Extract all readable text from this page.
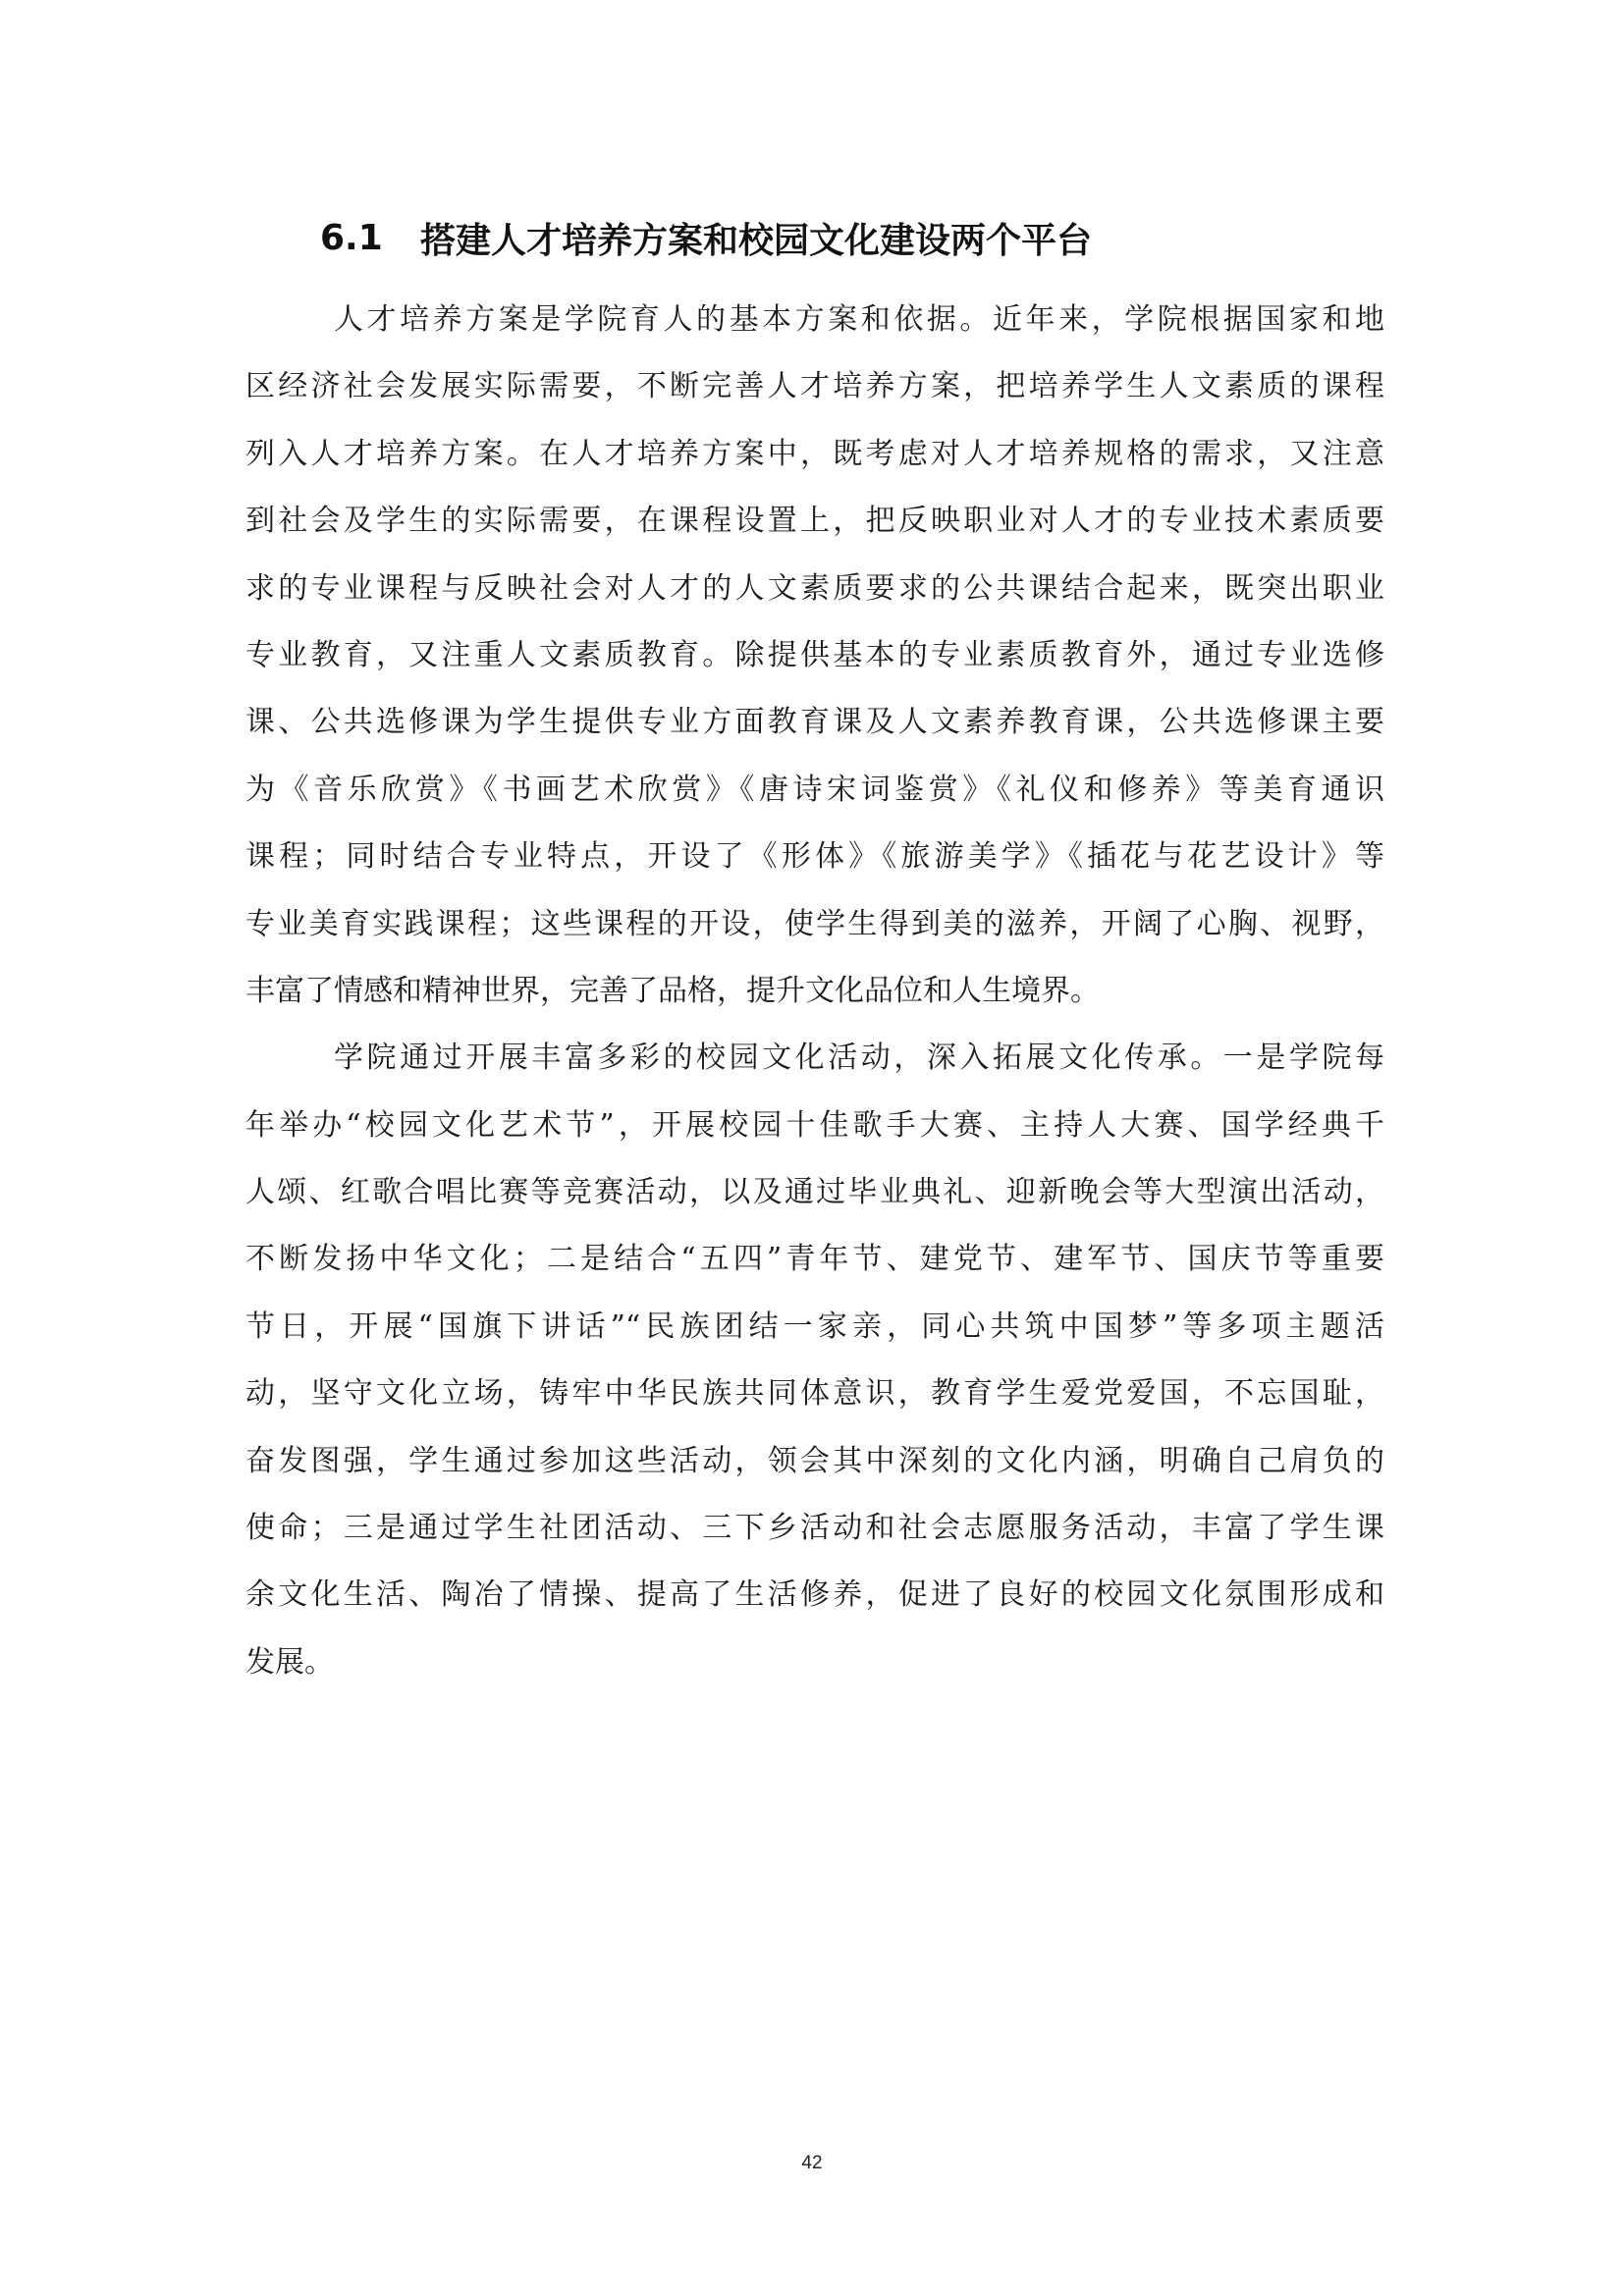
6.1	搭建人才培养方案和校园文化建设两个平台
人才培养方案是学院育人的基本方案和依据。近年来，学院根据国家和地
区经济社会发展实际需要，不断完善人才培养方案，把培养学生人文素质的课程
列入人才培养方案。在人才培养方案中，既考虑对人才培养规格的需求，又注意
到社会及学生的实际需要，在课程设置上，把反映职业对人才的专业技术素质要
求的专业课程与反映社会对人才的人文素质要求的公共课结合起来，既突出职业
专业教育，又注重人文素质教育。除提供基本的专业素质教育外，通过专业选修
课、公共选修课为学生提供专业方面教育课及人文素养教育课，公共选修课主要
为《音乐欣赏》《书画艺术欣赏》《唐诗宋词鉴赏》《礼仪和修养》等美育通识
课程；同时结合专业特点，开设了《形体》《旅游美学》《插花与花艺设计》等
专业美育实践课程；这些课程的开设，使学生得到美的滋养，开阔了心胸、视野，
丰富了情感和精神世界，完善了品格，提升文化品位和人生境界。
学院通过开展丰富多彩的校园文化活动，深入拓展文化传承。一是学院每
年举办“校园文化艺术节”，开展校园十佳歌手大赛、主持人大赛、国学经典千
人颂、红歌合唱比赛等竞赛活动，以及通过毕业典礼、迎新晚会等大型演出活动，
不断发扬中华文化；二是结合“五四”青年节、建党节、建军节、国庆节等重要
节日，开展“国旗下讲话”“民族团结一家亲，同心共筑中国梦”等多项主题活
动，坚守文化立场，铸牢中华民族共同体意识，教育学生爱党爱国，不忘国耻，
奋发图强，学生通过参加这些活动，领会其中深刻的文化内涵，明确自己肩负的
使命；三是通过学生社团活动、三下乡活动和社会志愿服务活动，丰富了学生课
余文化生活、陶冶了情操、提高了生活修养，促进了良好的校园文化氛围形成和
发展。
42
